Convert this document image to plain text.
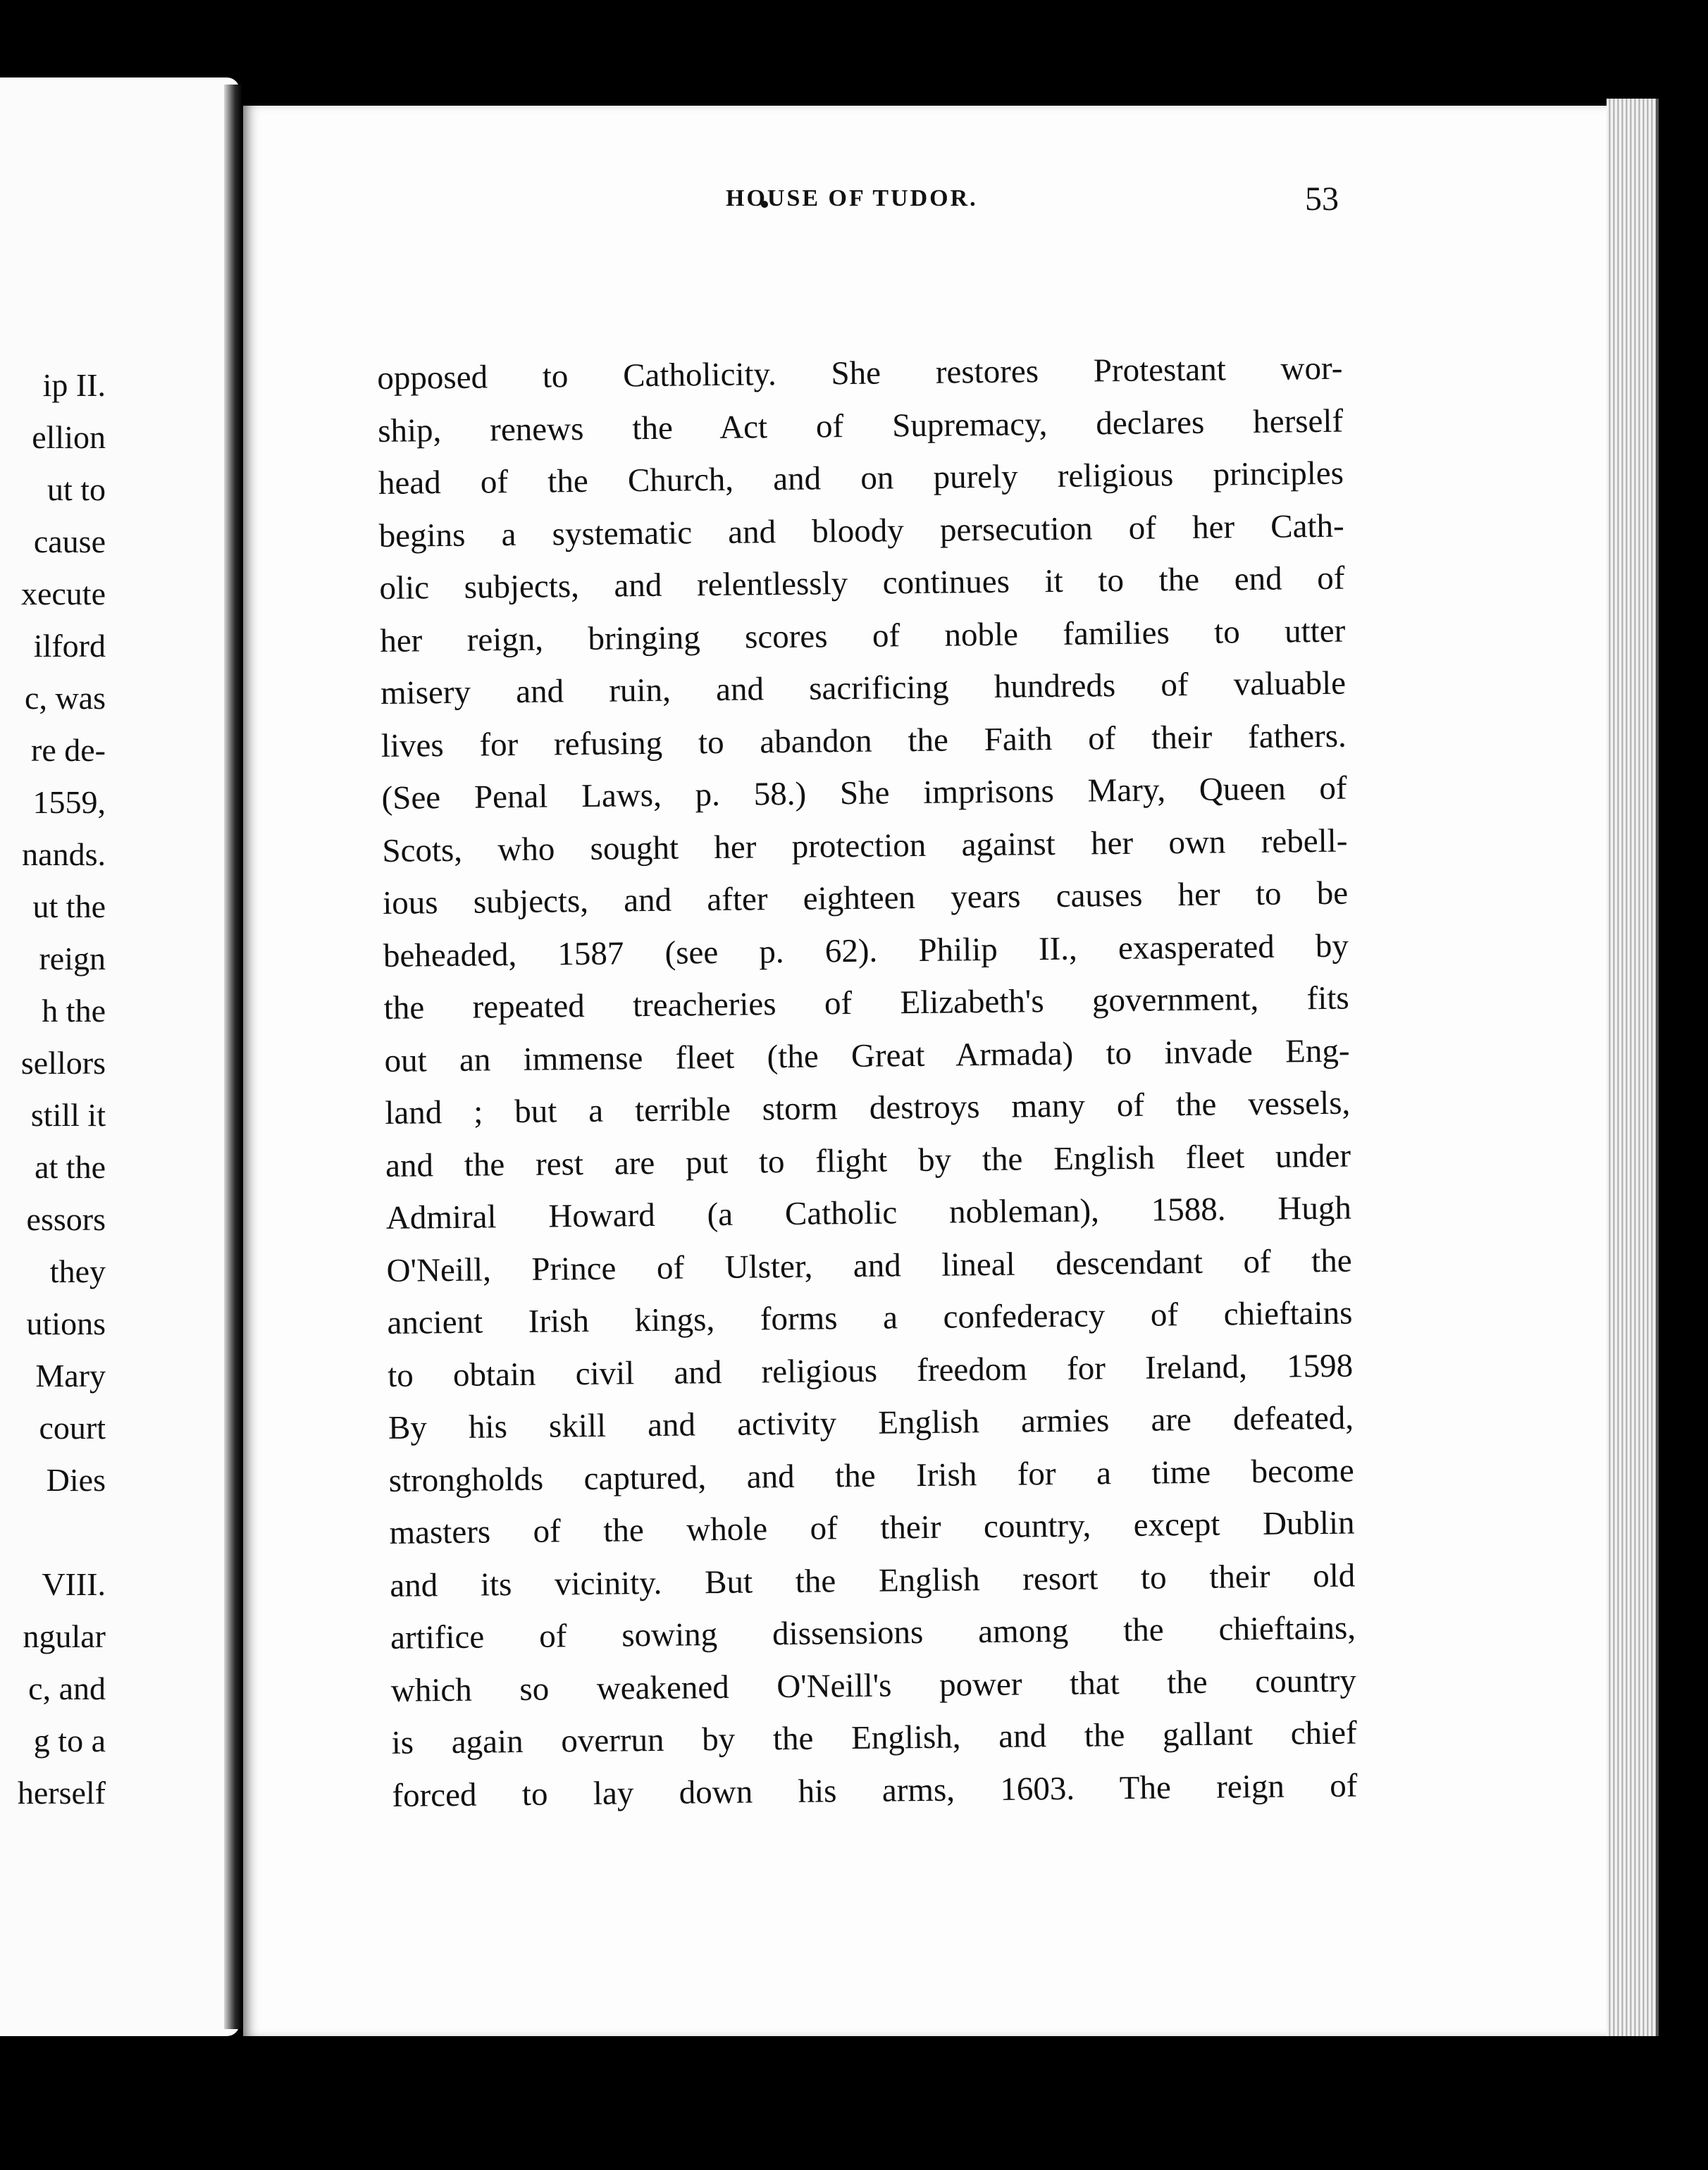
ip II.
ellion
ut to
cause
xecute
ilford
c, was
re de-
1559,
nands.
ut the
reign
h the
sellors
still it
at the
essors
they
utions
Mary
court
Dies
VIII.
ngular
c, and
g to a
herself
HOUSE OF TUDOR.	53
opposed to Catholicity. She restores Protestant wor-
ship, renews the Act of Supremacy, declares herself
head of the Church, and on purely religious principles
begins a systematic and bloody persecution of her Cath-
olic subjects, and relentlessly continues it to the end of
her reign, bringing scores of noble families to utter
misery and ruin, and sacrificing hundreds of valuable
lives for refusing to abandon the Faith of their fathers.
(See Penal Laws, p. 58.) She imprisons Mary, Queen of
Scots, who sought her protection against her own rebell-
ious subjects, and after eighteen years causes her to be
beheaded, 1587 (see p. 62). Philip II., exasperated by
the repeated treacheries of Elizabeth's government, fits
out an immense fleet (the Great Armada) to invade Eng-
land ; but a terrible storm destroys many of the vessels,
and the rest are put to flight by the English fleet under
Admiral Howard (a Catholic nobleman), 1588. Hugh
O'Neill, Prince of Ulster, and lineal descendant of the
ancient Irish kings, forms a confederacy of chieftains
to obtain civil and religious freedom for Ireland, 1598
By his skill and activity English armies are defeated,
strongholds captured, and the Irish for a time become
masters of the whole of their country, except Dublin
and its vicinity. But the English resort to their old
artifice of sowing dissensions among the chieftains,
which so weakened O'Neill's power that the country
is again overrun by the English, and the gallant chief
forced to lay down his arms, 1603. The reign of
